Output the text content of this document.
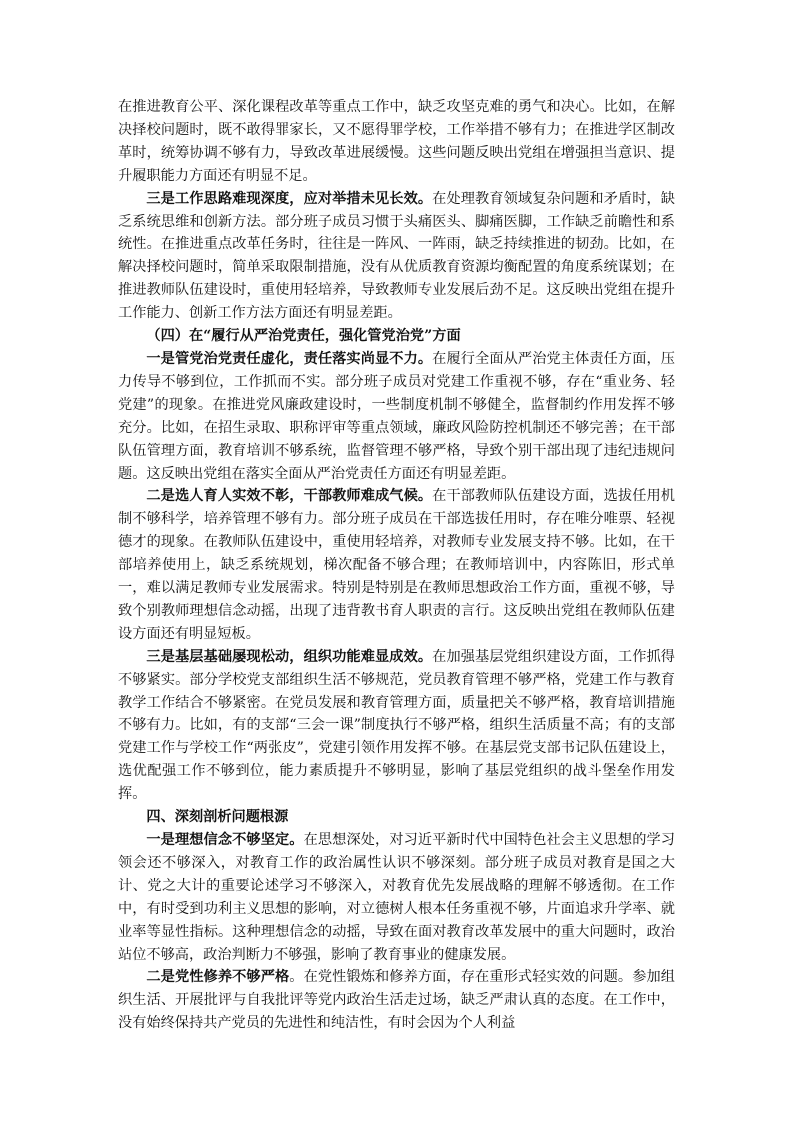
在推进教育公平、深化课程改革等重点工作中，缺乏攻坚克难的勇气和决心。比如，在解决择校问题时，既不敢得罪家长，又不愿得罪学校，工作举措不够有力；在推进学区制改革时，统筹协调不够有力，导致改革进展缓慢。这些问题反映出党组在增强担当意识、提升履职能力方面还有明显不足。

三是工作思路难现深度，应对举措未见长效。在处理教育领域复杂问题和矛盾时，缺乏系统思维和创新方法。部分班子成员习惯于头痛医头、脚痛医脚，工作缺乏前瞻性和系统性。在推进重点改革任务时，往往是一阵风、一阵雨，缺乏持续推进的韧劲。比如，在解决择校问题时，简单采取限制措施，没有从优质教育资源均衡配置的角度系统谋划；在推进教师队伍建设时，重使用轻培养，导致教师专业发展后劲不足。这反映出党组在提升工作能力、创新工作方法方面还有明显差距。

（四）在“履行从严治党责任，强化管党治党”方面

一是管党治党责任虚化，责任落实尚显不力。在履行全面从严治党主体责任方面，压力传导不够到位，工作抓而不实。部分班子成员对党建工作重视不够，存在“重业务、轻党建”的现象。在推进党风廉政建设时，一些制度机制不够健全，监督制约作用发挥不够充分。比如，在招生录取、职称评审等重点领域，廉政风险防控机制还不够完善；在干部队伍管理方面，教育培训不够系统，监督管理不够严格，导致个别干部出现了违纪违规问题。这反映出党组在落实全面从严治党责任方面还有明显差距。

二是选人育人实效不彰，干部教师难成气候。在干部教师队伍建设方面，选拔任用机制不够科学，培养管理不够有力。部分班子成员在干部选拔任用时，存在唯分唯票、轻视德才的现象。在教师队伍建设中，重使用轻培养，对教师专业发展支持不够。比如，在干部培养使用上，缺乏系统规划，梯次配备不够合理；在教师培训中，内容陈旧，形式单一，难以满足教师专业发展需求。特别是特别是在教师思想政治工作方面，重视不够，导致个别教师理想信念动摇，出现了违背教书育人职责的言行。这反映出党组在教师队伍建设方面还有明显短板。

三是基层基础屡现松动，组织功能难显成效。在加强基层党组织建设方面，工作抓得不够紧实。部分学校党支部组织生活不够规范，党员教育管理不够严格，党建工作与教育教学工作结合不够紧密。在党员发展和教育管理方面，质量把关不够严格，教育培训措施不够有力。比如，有的支部“三会一课”制度执行不够严格，组织生活质量不高；有的支部党建工作与学校工作“两张皮”，党建引领作用发挥不够。在基层党支部书记队伍建设上，选优配强工作不够到位，能力素质提升不够明显，影响了基层党组织的战斗堡垒作用发挥。

四、深刻剖析问题根源

一是理想信念不够坚定。在思想深处，对习近平新时代中国特色社会主义思想的学习领会还不够深入，对教育工作的政治属性认识不够深刻。部分班子成员对教育是国之大计、党之大计的重要论述学习不够深入，对教育优先发展战略的理解不够透彻。在工作中，有时受到功利主义思想的影响，对立德树人根本任务重视不够，片面追求升学率、就业率等显性指标。这种理想信念的动摇，导致在面对教育改革发展中的重大问题时，政治站位不够高，政治判断力不够强，影响了教育事业的健康发展。

二是党性修养不够严格。在党性锻炼和修养方面，存在重形式轻实效的问题。参加组织生活、开展批评与自我批评等党内政治生活走过场，缺乏严肃认真的态度。在工作中，没有始终保持共产党员的先进性和纯洁性，有时会因为个人利益
